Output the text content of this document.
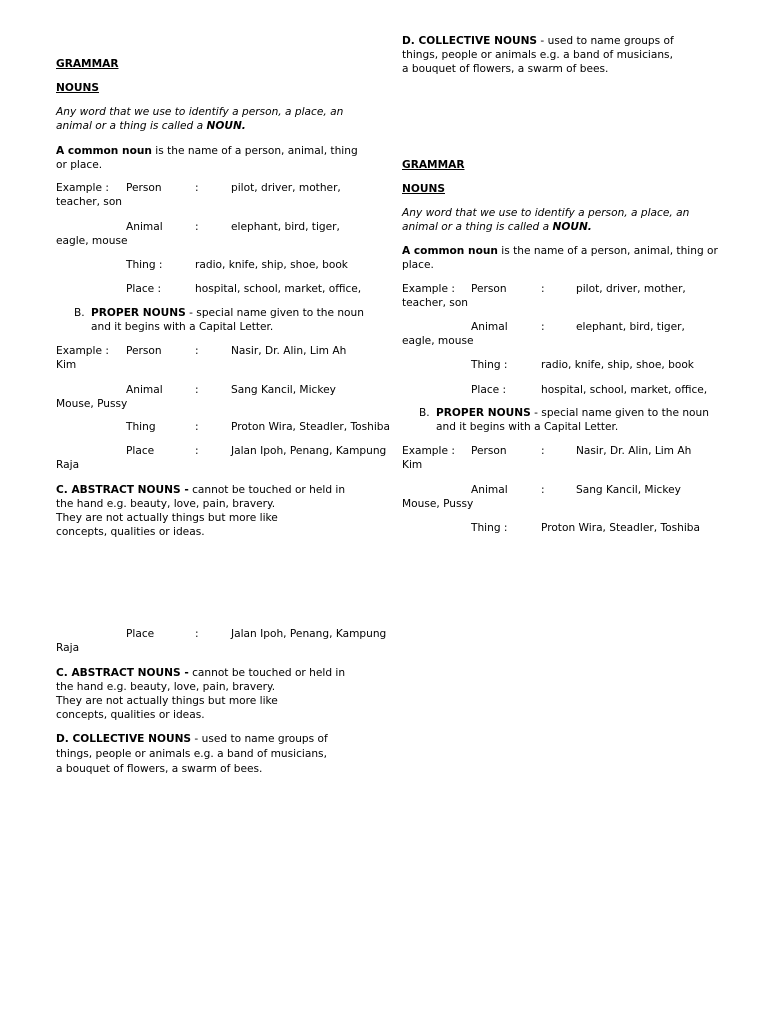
GRAMMAR

NOUNS

Any word that we use to identify a person, a place, an animal or a thing is called a NOUN.

A common noun is the name of a person, animal, thing or place.

Example : Person	:	pilot, driver, mother,

teacher, son

Animal	:	elephant, bird, tiger,

eagle, mouse

Thing :	radio, knife, ship, shoe, book

Place :	hospital, school, market, office,

B. PROPER NOUNS - special name given to the noun and it begins with a Capital Letter.

Example : Person	:	Nasir, Dr. Alin, Lim Ah

Kim

Animal	:	Sang Kancil, Mickey

Mouse, Pussy

Thing	:	Proton Wira, Steadler, Toshiba

Place	:	Jalan Ipoh, Penang, Kampung

Raja

C. ABSTRACT NOUNS - cannot be touched or held in

the hand e.g. beauty, love, pain, bravery.

They are not actually things but more like

concepts, qualities or ideas.

Place	:	Jalan Ipoh, Penang, Kampung

Raja

C. ABSTRACT NOUNS - cannot be touched or held in

the hand e.g. beauty, love, pain, bravery.

They are not actually things but more like

concepts, qualities or ideas.

D. COLLECTIVE NOUNS - used to name groups of

things, people or animals e.g. a band of musicians,

a bouquet of flowers, a swarm of bees.

D. COLLECTIVE NOUNS - used to name groups of

things, people or animals e.g. a band of musicians,

a bouquet of flowers, a swarm of bees.

GRAMMAR

NOUNS

Any word that we use to identify a person, a place, an animal or a thing is called a NOUN.

A common noun is the name of a person, animal, thing or place.

Example : Person	:	pilot, driver, mother,

teacher, son

Animal	:	elephant, bird, tiger,

eagle, mouse

Thing :	radio, knife, ship, shoe, book

Place :	hospital, school, market, office,

B. PROPER NOUNS - special name given to the noun and it begins with a Capital Letter.

Example : Person	:	Nasir, Dr. Alin, Lim Ah

Kim

Animal	:	Sang Kancil, Mickey

Mouse, Pussy

Thing :	Proton Wira, Steadler, Toshiba
